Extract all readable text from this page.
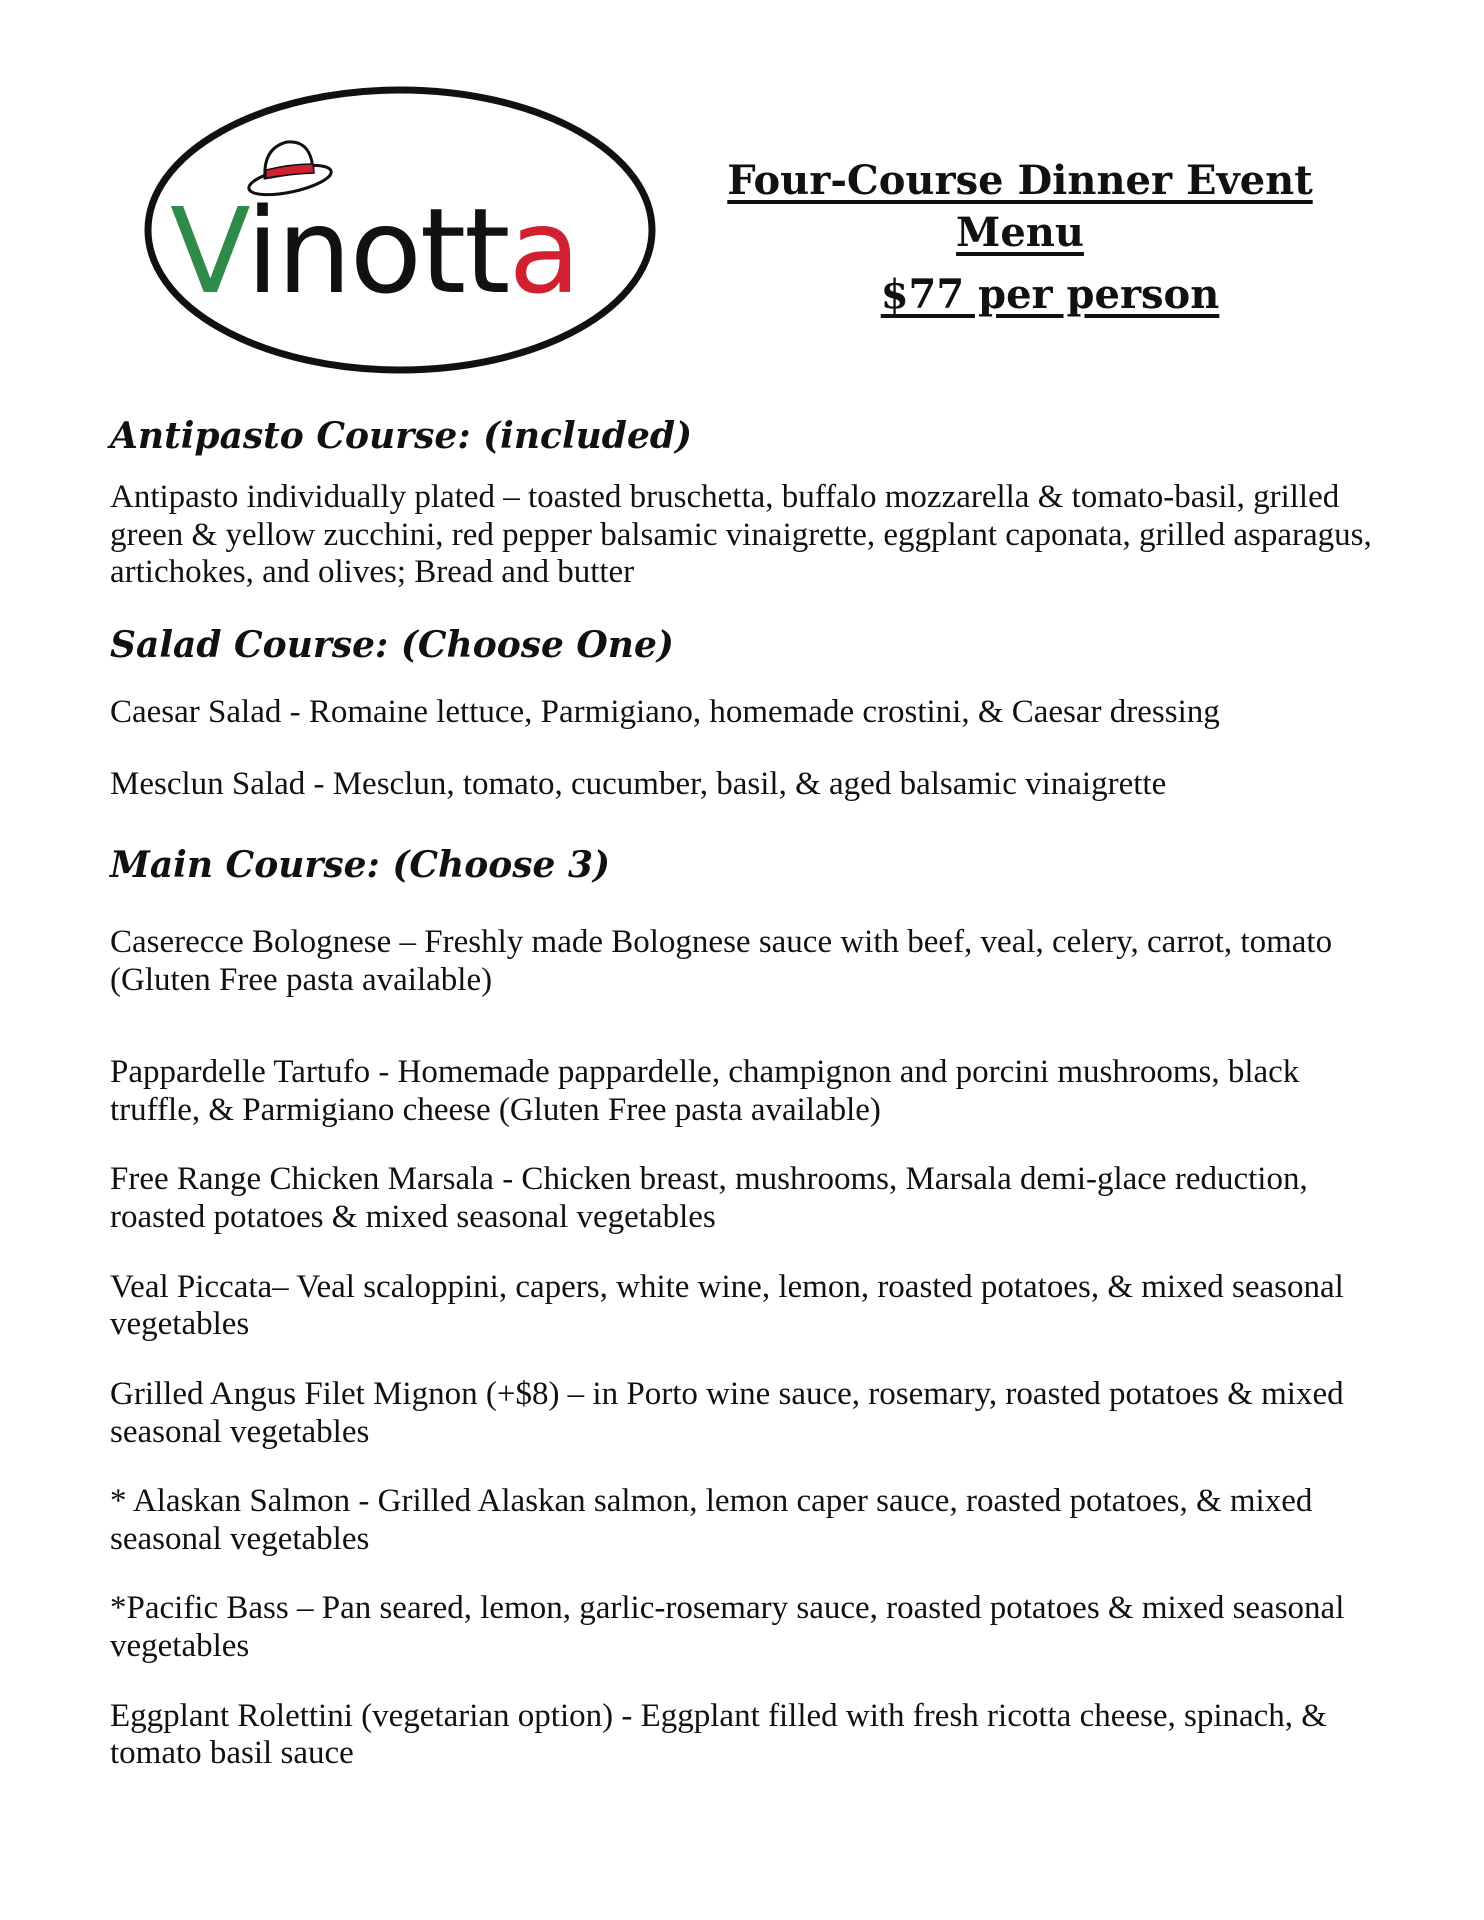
Vinotta
Four-Course Dinner Event
Menu
$77 per person
Antipasto Course: (included)
Antipasto individually plated – toasted bruschetta, buffalo mozzarella & tomato-basil, grilled green & yellow zucchini, red pepper balsamic vinaigrette, eggplant caponata, grilled asparagus, artichokes, and olives; Bread and butter
Salad Course: (Choose One)
Caesar Salad - Romaine lettuce, Parmigiano, homemade crostini, & Caesar dressing
Mesclun Salad - Mesclun, tomato, cucumber, basil, & aged balsamic vinaigrette
Main Course: (Choose 3)
Caserecce Bolognese – Freshly made Bolognese sauce with beef, veal, celery, carrot, tomato (Gluten Free pasta available)
Pappardelle Tartufo - Homemade pappardelle, champignon and porcini mushrooms, black truffle, & Parmigiano cheese (Gluten Free pasta available)
Free Range Chicken Marsala - Chicken breast, mushrooms, Marsala demi-glace reduction, roasted potatoes & mixed seasonal vegetables
Veal Piccata– Veal scaloppini, capers, white wine, lemon, roasted potatoes, & mixed seasonal vegetables
Grilled Angus Filet Mignon (+$8) – in Porto wine sauce, rosemary, roasted potatoes & mixed seasonal vegetables
* Alaskan Salmon - Grilled Alaskan salmon, lemon caper sauce, roasted potatoes, & mixed seasonal vegetables
*Pacific Bass – Pan seared, lemon, garlic-rosemary sauce, roasted potatoes & mixed seasonal vegetables
Eggplant Rolettini (vegetarian option) - Eggplant filled with fresh ricotta cheese, spinach, & tomato basil sauce
